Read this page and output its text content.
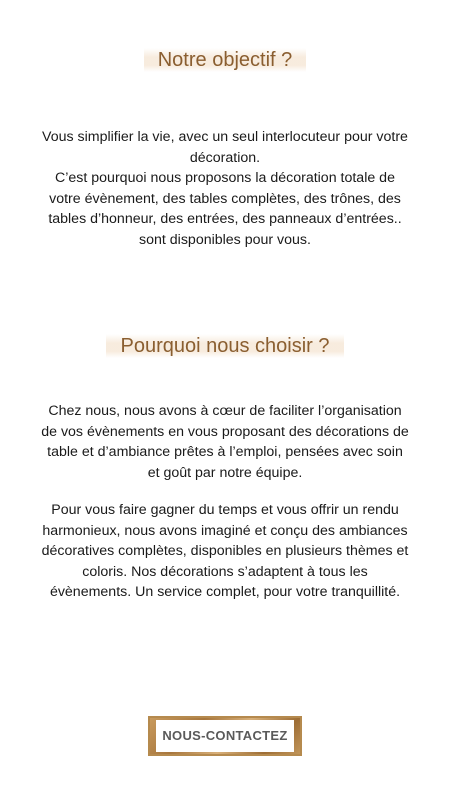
Notre objectif ?

Vous simplifier la vie, avec un seul interlocuteur pour votre décoration.
C’est pourquoi nous proposons la décoration totale de votre évènement, des tables complètes, des trônes, des tables d’honneur, des entrées, des panneaux d’entrées.. sont disponibles pour vous.

Pourquoi nous choisir ?

Chez nous, nous avons à cœur de faciliter l’organisation de vos évènements en vous proposant des décorations de table et d’ambiance prêtes à l’emploi, pensées avec soin et goût par notre équipe.

Pour vous faire gagner du temps et vous offrir un rendu harmonieux, nous avons imaginé et conçu des ambiances décoratives complètes, disponibles en plusieurs thèmes et coloris. Nos décorations s’adaptent à tous les évènements. Un service complet, pour votre tranquillité.

NOUS-CONTACTEZ
